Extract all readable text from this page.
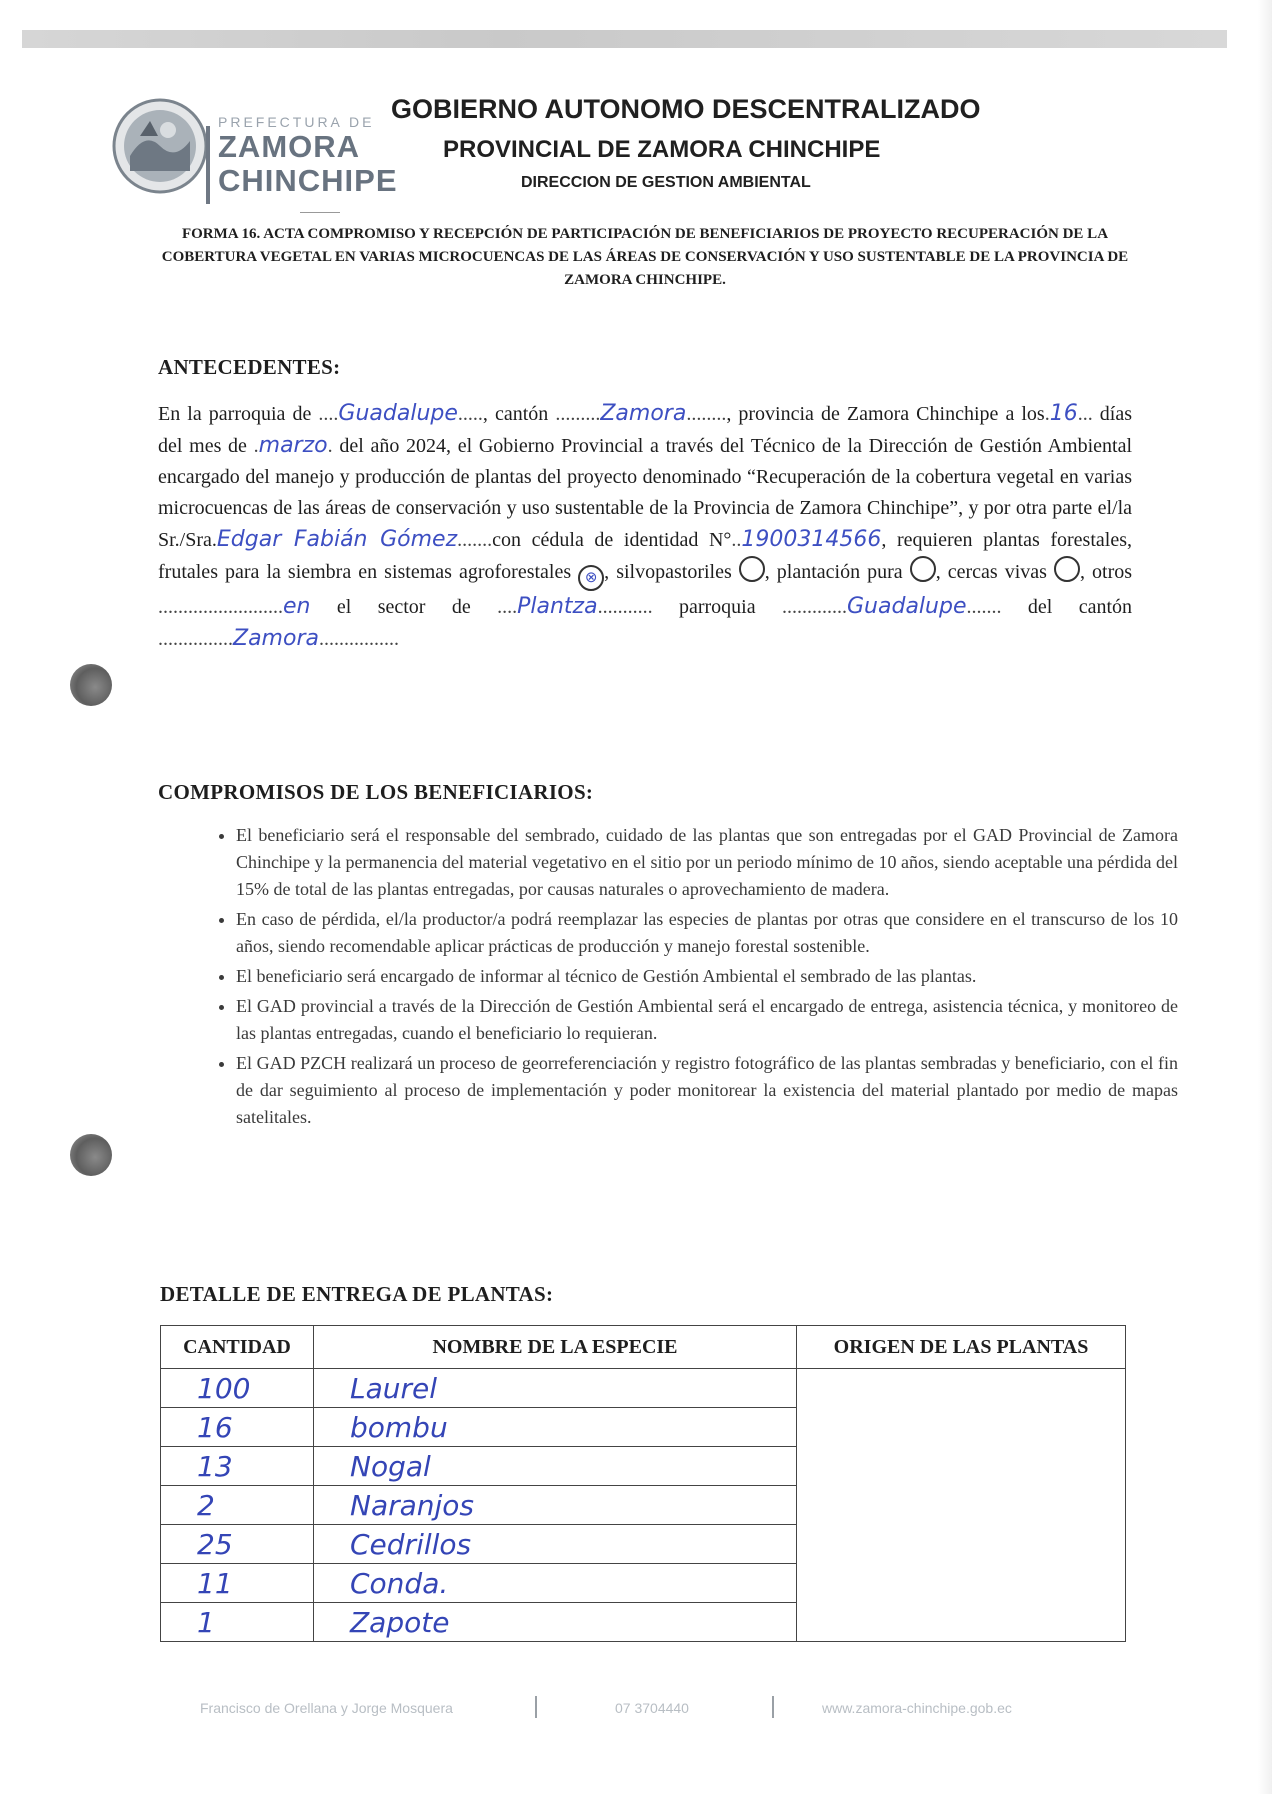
PREFECTURA DE
ZAMORA
CHINCHIPE
GOBIERNO AUTONOMO DESCENTRALIZADO
PROVINCIAL DE ZAMORA CHINCHIPE
DIRECCION DE GESTION AMBIENTAL
FORMA 16. ACTA COMPROMISO Y RECEPCIÓN DE PARTICIPACIÓN DE BENEFICIARIOS DE PROYECTO RECUPERACIÓN DE LA COBERTURA VEGETAL EN VARIAS MICROCUENCAS DE LAS ÁREAS DE CONSERVACIÓN Y USO SUSTENTABLE DE LA PROVINCIA DE ZAMORA CHINCHIPE.
ANTECEDENTES:
En la parroquia de ....Guadalupe....., cantón .........Zamora........, provincia de Zamora Chinchipe a los.16... días del mes de .marzo. del año 2024, el Gobierno Provincial a través del Técnico de la Dirección de Gestión Ambiental encargado del manejo y producción de plantas del proyecto denominado “Recuperación de la cobertura vegetal en varias microcuencas de las áreas de conservación y uso sustentable de la Provincia de Zamora Chinchipe”, y por otra parte el/la Sr./Sra.Edgar Fabián Gómez.......con cédula de identidad N°..1900314566, requieren plantas forestales, frutales para la siembra en sistemas agroforestales ⊗ , silvopastoriles , plantación pura , cercas vivas , otros .........................en el sector de ....Plantza........... parroquia .............Guadalupe....... del cantón ...............Zamora................
COMPROMISOS DE LOS BENEFICIARIOS:
• El beneficiario será el responsable del sembrado, cuidado de las plantas que son entregadas por el GAD Provincial de Zamora Chinchipe y la permanencia del material vegetativo en el sitio por un periodo mínimo de 10 años, siendo aceptable una pérdida del 15% de total de las plantas entregadas, por causas naturales o aprovechamiento de madera.
• En caso de pérdida, el/la productor/a podrá reemplazar las especies de plantas por otras que considere en el transcurso de los 10 años, siendo recomendable aplicar prácticas de producción y manejo forestal sostenible.
• El beneficiario será encargado de informar al técnico de Gestión Ambiental el sembrado de las plantas.
• El GAD provincial a través de la Dirección de Gestión Ambiental será el encargado de entrega, asistencia técnica, y monitoreo de las plantas entregadas, cuando el beneficiario lo requieran.
• El GAD PZCH realizará un proceso de georreferenciación y registro fotográfico de las plantas sembradas y beneficiario, con el fin de dar seguimiento al proceso de implementación y poder monitorear la existencia del material plantado por medio de mapas satelitales.
DETALLE DE ENTREGA DE PLANTAS:
CANTIDAD	NOMBRE DE LA ESPECIE	ORIGEN DE LAS PLANTAS
100	Laurel	
16	bombu	
13	Nogal	
2	Naranjos	
25	Cedrillos	
11	Conda.	
1	Zapote	
Francisco de Orellana y Jorge Mosquera	07 3704440	www.zamora-chinchipe.gob.ec
